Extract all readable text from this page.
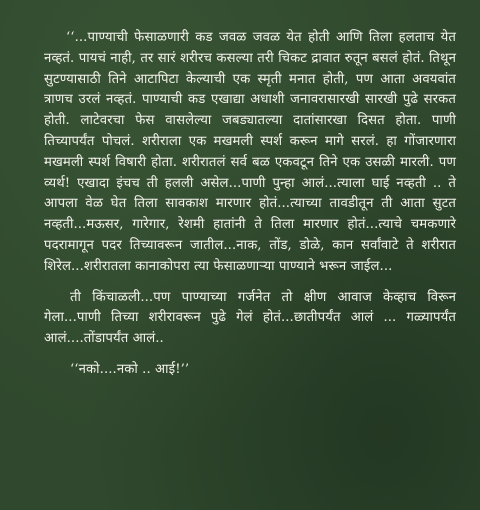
‘‘...पाण्याची फेसाळणारी कड जवळ जवळ येत होती आणि तिला हलताच येत नव्हतं. पायचं नाही, तर सारं शरीरच कसल्या तरी चिकट द्रावात रुतून बसलं होतं. तिथून सुटण्यासाठी तिने आटापिटा केल्याची एक स्मृती मनात होती, पण आता अवयवांत त्राणच उरलं नव्हतं. पाण्याची कड एखाद्या अधाशी जनावरासारखी सारखी पुढे सरकत होती. लाटेवरचा फेस वासलेल्या जबड्यातल्या दातांसारखा दिसत होता. पाणी तिच्यापर्यंत पोचलं. शरीराला एक मखमली स्पर्श करून मागे सरलं. हा गोंजारणारा मखमली स्पर्श विषारी होता. शरीरातलं सर्व बळ एकवटून तिने एक उसळी मारली. पण व्यर्थ! एखादा इंचच ती हलली असेल...पाणी पुन्हा आलं...त्याला घाई नव्हती .. ते आपला वेळ घेत तिला सावकाश मारणार होतं...त्याच्या तावडीतून ती आता सुटत नव्हती...मऊसर, गारेगार, रेशमी हातांनी ते तिला मारणार होतं...त्याचे चमकणारे पदरामागून पदर तिच्यावरून जातील...नाक, तोंड, डोळे, कान सर्वांवाटे ते शरीरात शिरेल...शरीरातला कानाकोपरा त्या फेसाळणाऱ्या पाण्याने भरून जाईल...

ती किंचाळली...पण पाण्याच्या गर्जनेत तो क्षीण आवाज केव्हाच विरून गेला...पाणी तिच्या शरीरावरून पुढे गेलं होतं...छातीपर्यंत आलं ... गळ्यापर्यंत आलं....तोंडापर्यंत आलं..

‘‘नको....नको .. आई!’’
